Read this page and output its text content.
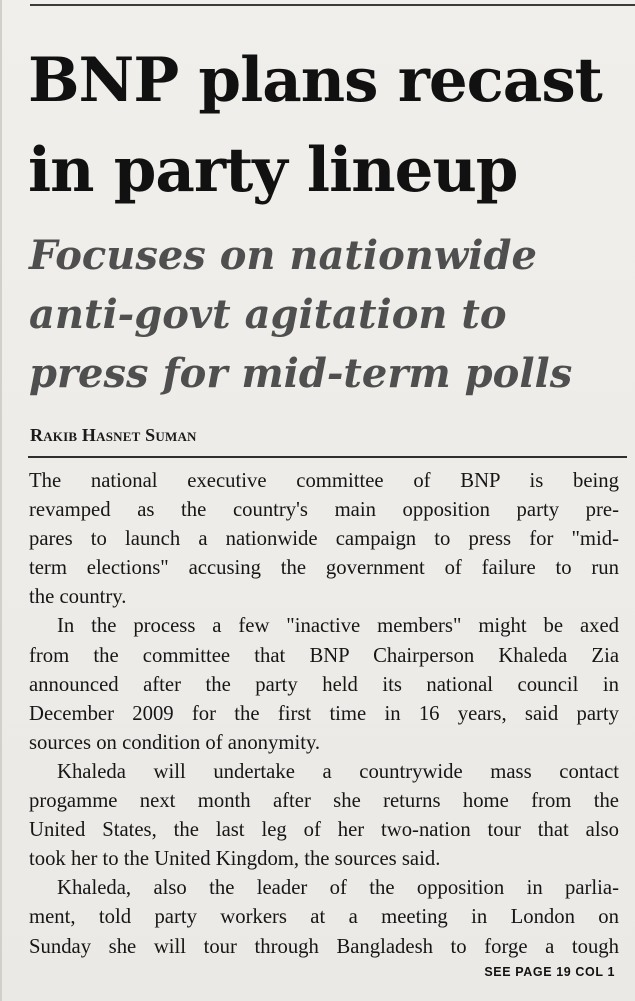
BNP plans recast
in party lineup
Focuses on nationwide
anti-govt agitation to
press for mid-term polls

Rakib Hasnet Suman

The national executive committee of BNP is being
revamped as the country's main opposition party pre-
pares to launch a nationwide campaign to press for "mid-
term elections" accusing the government of failure to run
the country.
In the process a few "inactive members" might be axed
from the committee that BNP Chairperson Khaleda Zia
announced after the party held its national council in
December 2009 for the first time in 16 years, said party
sources on condition of anonymity.
Khaleda will undertake a countrywide mass contact
progamme next month after she returns home from the
United States, the last leg of her two-nation tour that also
took her to the United Kingdom, the sources said.
Khaleda, also the leader of the opposition in parlia-
ment, told party workers at a meeting in London on
Sunday she will tour through Bangladesh to forge a tough

SEE PAGE 19 COL 1
